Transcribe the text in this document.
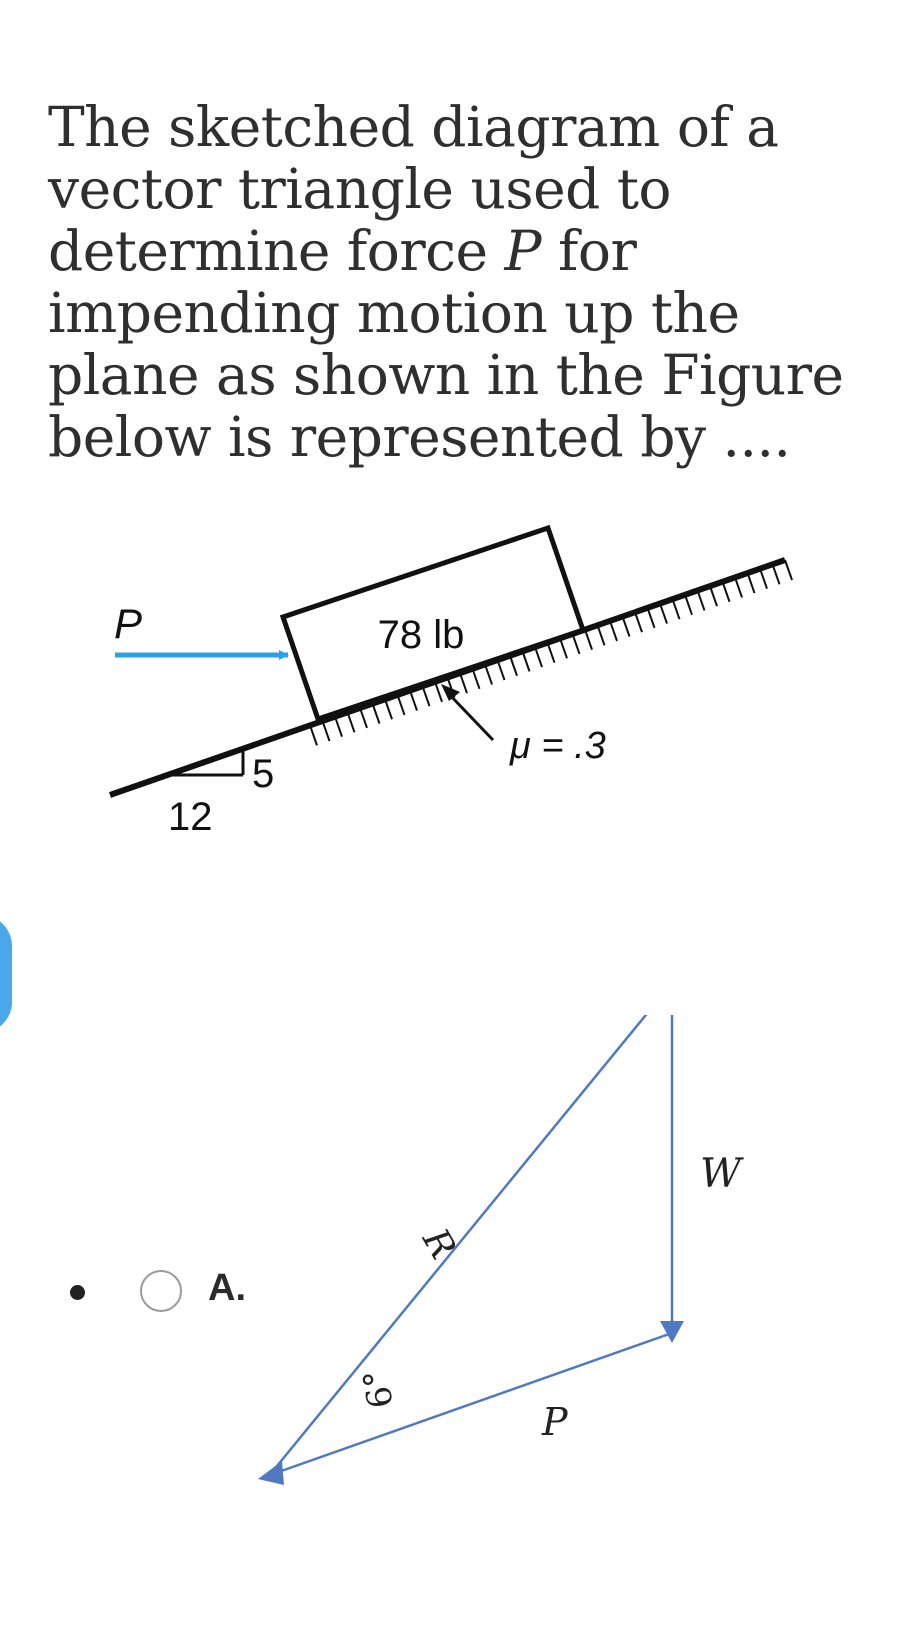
The sketched diagram of a vector triangle used to determine force P for impending motion up the plane as shown in the Figure below is represented by ....

78 lb
P
μ = .3
5
12
A.
W
R
P
6°
